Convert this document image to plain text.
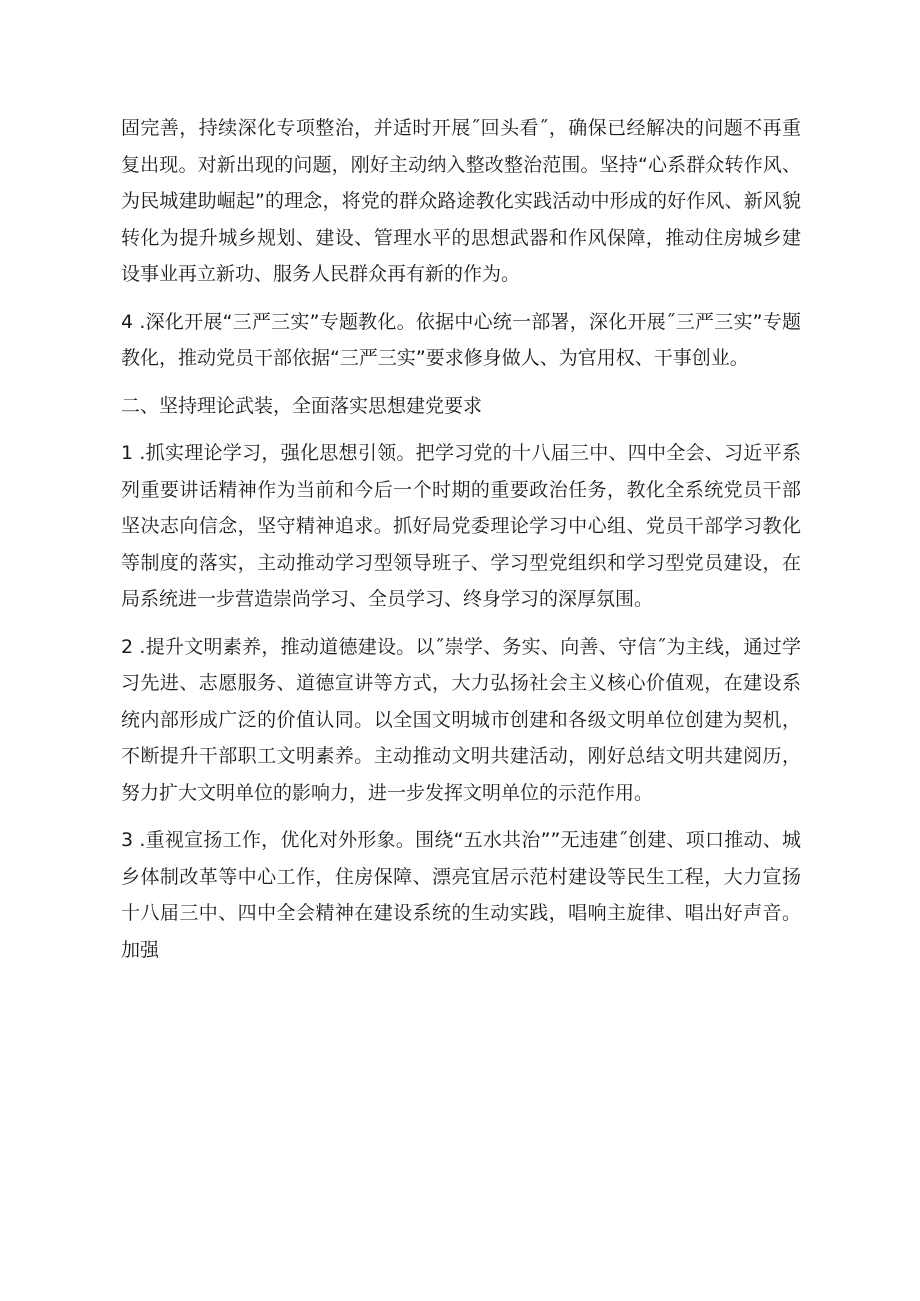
固完善，持续深化专项整治，并适时开展˝回头看˝，确保已经解决的问题不再重复出现。对新出现的问题，刚好主动纳入整改整治范围。坚持“心系群众转作风、为民城建助崛起”的理念，将党的群众路途教化实践活动中形成的好作风、新风貌转化为提升城乡规划、建设、管理水平的思想武器和作风保障，推动住房城乡建设事业再立新功、服务人民群众再有新的作为。

4 .深化开展“三严三实”专题教化。依据中心统一部署，深化开展˝三严三实”专题教化，推动党员干部依据“三严三实”要求修身做人、为官用权、干事创业。

二、坚持理论武装，全面落实思想建党要求

1 .抓实理论学习，强化思想引领。把学习党的十八届三中、四中全会、习近平系列重要讲话精神作为当前和今后一个时期的重要政治任务，教化全系统党员干部坚决志向信念，坚守精神追求。抓好局党委理论学习中心组、党员干部学习教化等制度的落实，主动推动学习型领导班子、学习型党组织和学习型党员建设，在局系统进一步营造崇尚学习、全员学习、终身学习的深厚氛围。

2 .提升文明素养，推动道德建设。以˝崇学、务实、向善、守信˝为主线，通过学习先进、志愿服务、道德宣讲等方式，大力弘扬社会主义核心价值观，在建设系统内部形成广泛的价值认同。以全国文明城市创建和各级文明单位创建为契机，不断提升干部职工文明素养。主动推动文明共建活动，刚好总结文明共建阅历，努力扩大文明单位的影响力，进一步发挥文明单位的示范作用。

3 .重视宣扬工作，优化对外形象。围绕“五水共治””无违建˝创建、项口推动、城乡体制改革等中心工作，住房保障、漂亮宜居示范村建设等民生工程，大力宣扬十八届三中、四中全会精神在建设系统的生动实践，唱响主旋律、唱出好声音。加强
